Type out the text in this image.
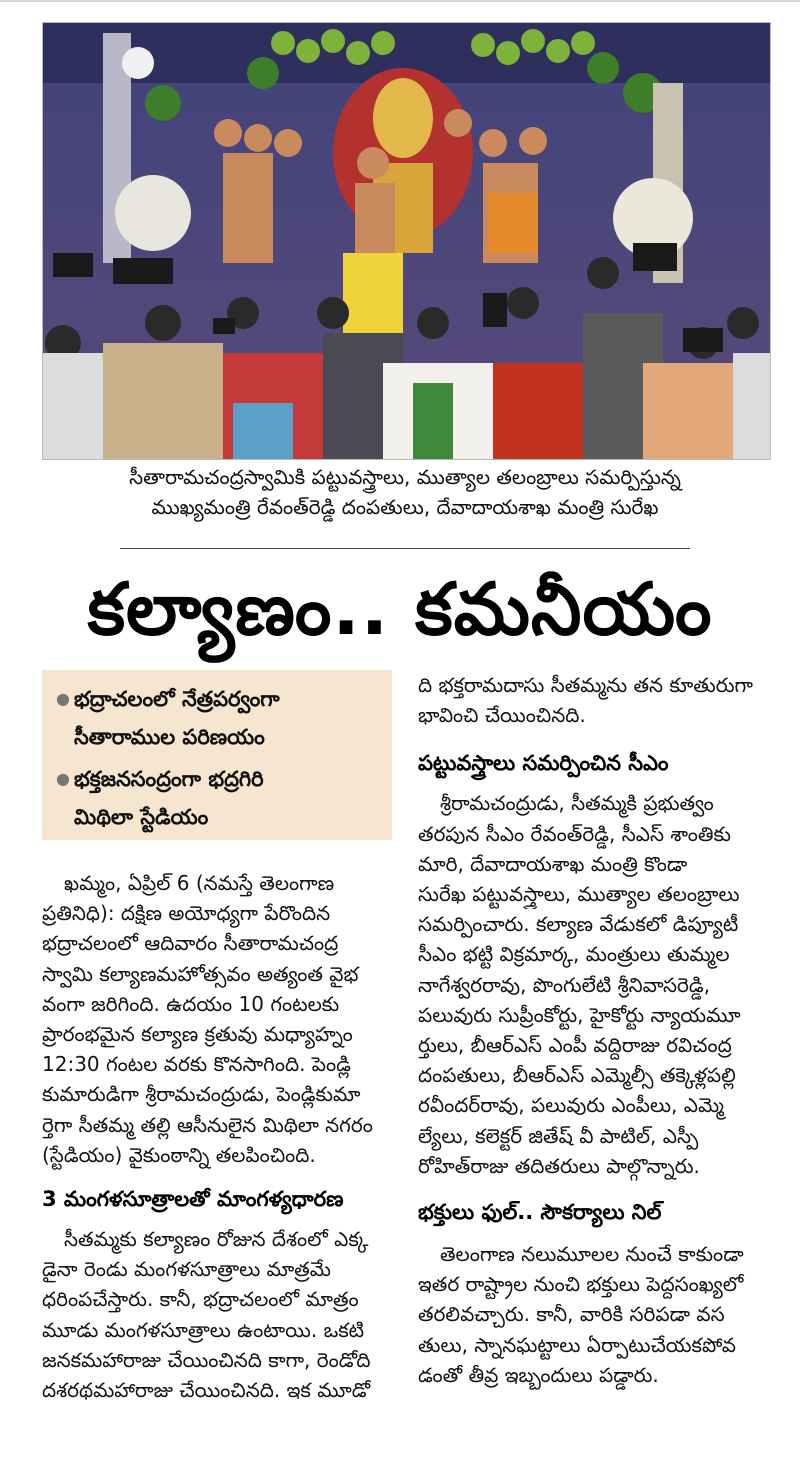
సీతారామచంద్రస్వామికి పట్టువస్త్రాలు, ముత్యాల తలంబ్రాలు సమర్పిస్తున్న
ముఖ్యమంత్రి రేవంత్‌రెడ్డి దంపతులు, దేవాదాయశాఖ మంత్రి సురేఖ
కల్యాణం.. కమనీయం
● భద్రాచలంలో నేత్రపర్వంగా
సీతారాముల పరిణయం
● భక్తజనసంద్రంగా భద్రగిరి
మిథిలా స్టేడియం
ఖమ్మం, ఏప్రిల్ 6 (నమస్తే తెలంగాణ
ప్రతినిధి): దక్షిణ అయోధ్యగా పేరొందిన
భద్రాచలంలో ఆదివారం సీతారామచంద్ర
స్వామి కల్యాణమహోత్సవం అత్యంత వైభ
వంగా జరిగింది. ఉదయం 10 గంటలకు
ప్రారంభమైన కల్యాణ క్రతువు మధ్యాహ్నం
12:30 గంటల వరకు కొనసాగింది. పెండ్లి
కుమారుడిగా శ్రీరామచంద్రుడు, పెండ్లికుమా
ర్తెగా సీతమ్మ తల్లి ఆసీనులైన మిథిలా నగరం
(స్టేడియం) వైకుంఠాన్ని తలపించింది.
3 మంగళసూత్రాలతో మాంగళ్యధారణ
సీతమ్మకు కల్యాణం రోజున దేశంలో ఎక్క
డైనా రెండు మంగళసూత్రాలు మాత్రమే
ధరింపచేస్తారు. కానీ, భద్రాచలంలో మాత్రం
మూడు మంగళసూత్రాలు ఉంటాయి. ఒకటి
జనకమహారాజు చేయించినది కాగా, రెండోది
దశరథమహారాజు చేయించినది. ఇక మూడో
ది భక్తరామదాసు సీతమ్మను తన కూతురుగా
భావించి చేయించినది.
పట్టువస్త్రాలు సమర్పించిన సీఎం
శ్రీరామచంద్రుడు, సీతమ్మకి ప్రభుత్వం
తరపున సీఎం రేవంత్‌రెడ్డి, సీఎస్ శాంతికు
మారి, దేవాదాయశాఖ మంత్రి కొండా
సురేఖ పట్టువస్త్రాలు, ముత్యాల తలంబ్రాలు
సమర్పించారు. కల్యాణ వేడుకలో డిప్యూటీ
సీఎం భట్టి విక్రమార్క, మంత్రులు తుమ్మల
నాగేశ్వరరావు, పొంగులేటి శ్రీనివాసరెడ్డి,
పలువురు సుప్రీంకోర్టు, హైకోర్టు న్యాయమూ
ర్తులు, బీఆర్ఎస్ ఎంపీ వద్దిరాజు రవిచంద్ర
దంపతులు, బీఆర్ఎస్ ఎమ్మెల్సీ తక్కెళ్లపల్లి
రవీందర్‌రావు, పలువురు ఎంపీలు, ఎమ్మె
ల్యేలు, కలెక్టర్ జితేష్ వీ పాటిల్, ఎస్పీ
రోహిత్‌రాజు తదితరులు పాల్గొన్నారు.
భక్తులు ఫుల్.. సౌకర్యాలు నిల్
తెలంగాణ నలుమూలల నుంచే కాకుండా
ఇతర రాష్ట్రాల నుంచి భక్తులు పెద్దసంఖ్యలో
తరలివచ్చారు. కానీ, వారికి సరిపడా వస
తులు, స్నానఘట్టాలు ఏర్పాటుచేయకపోవ
డంతో తీవ్ర ఇబ్బందులు పడ్డారు.
